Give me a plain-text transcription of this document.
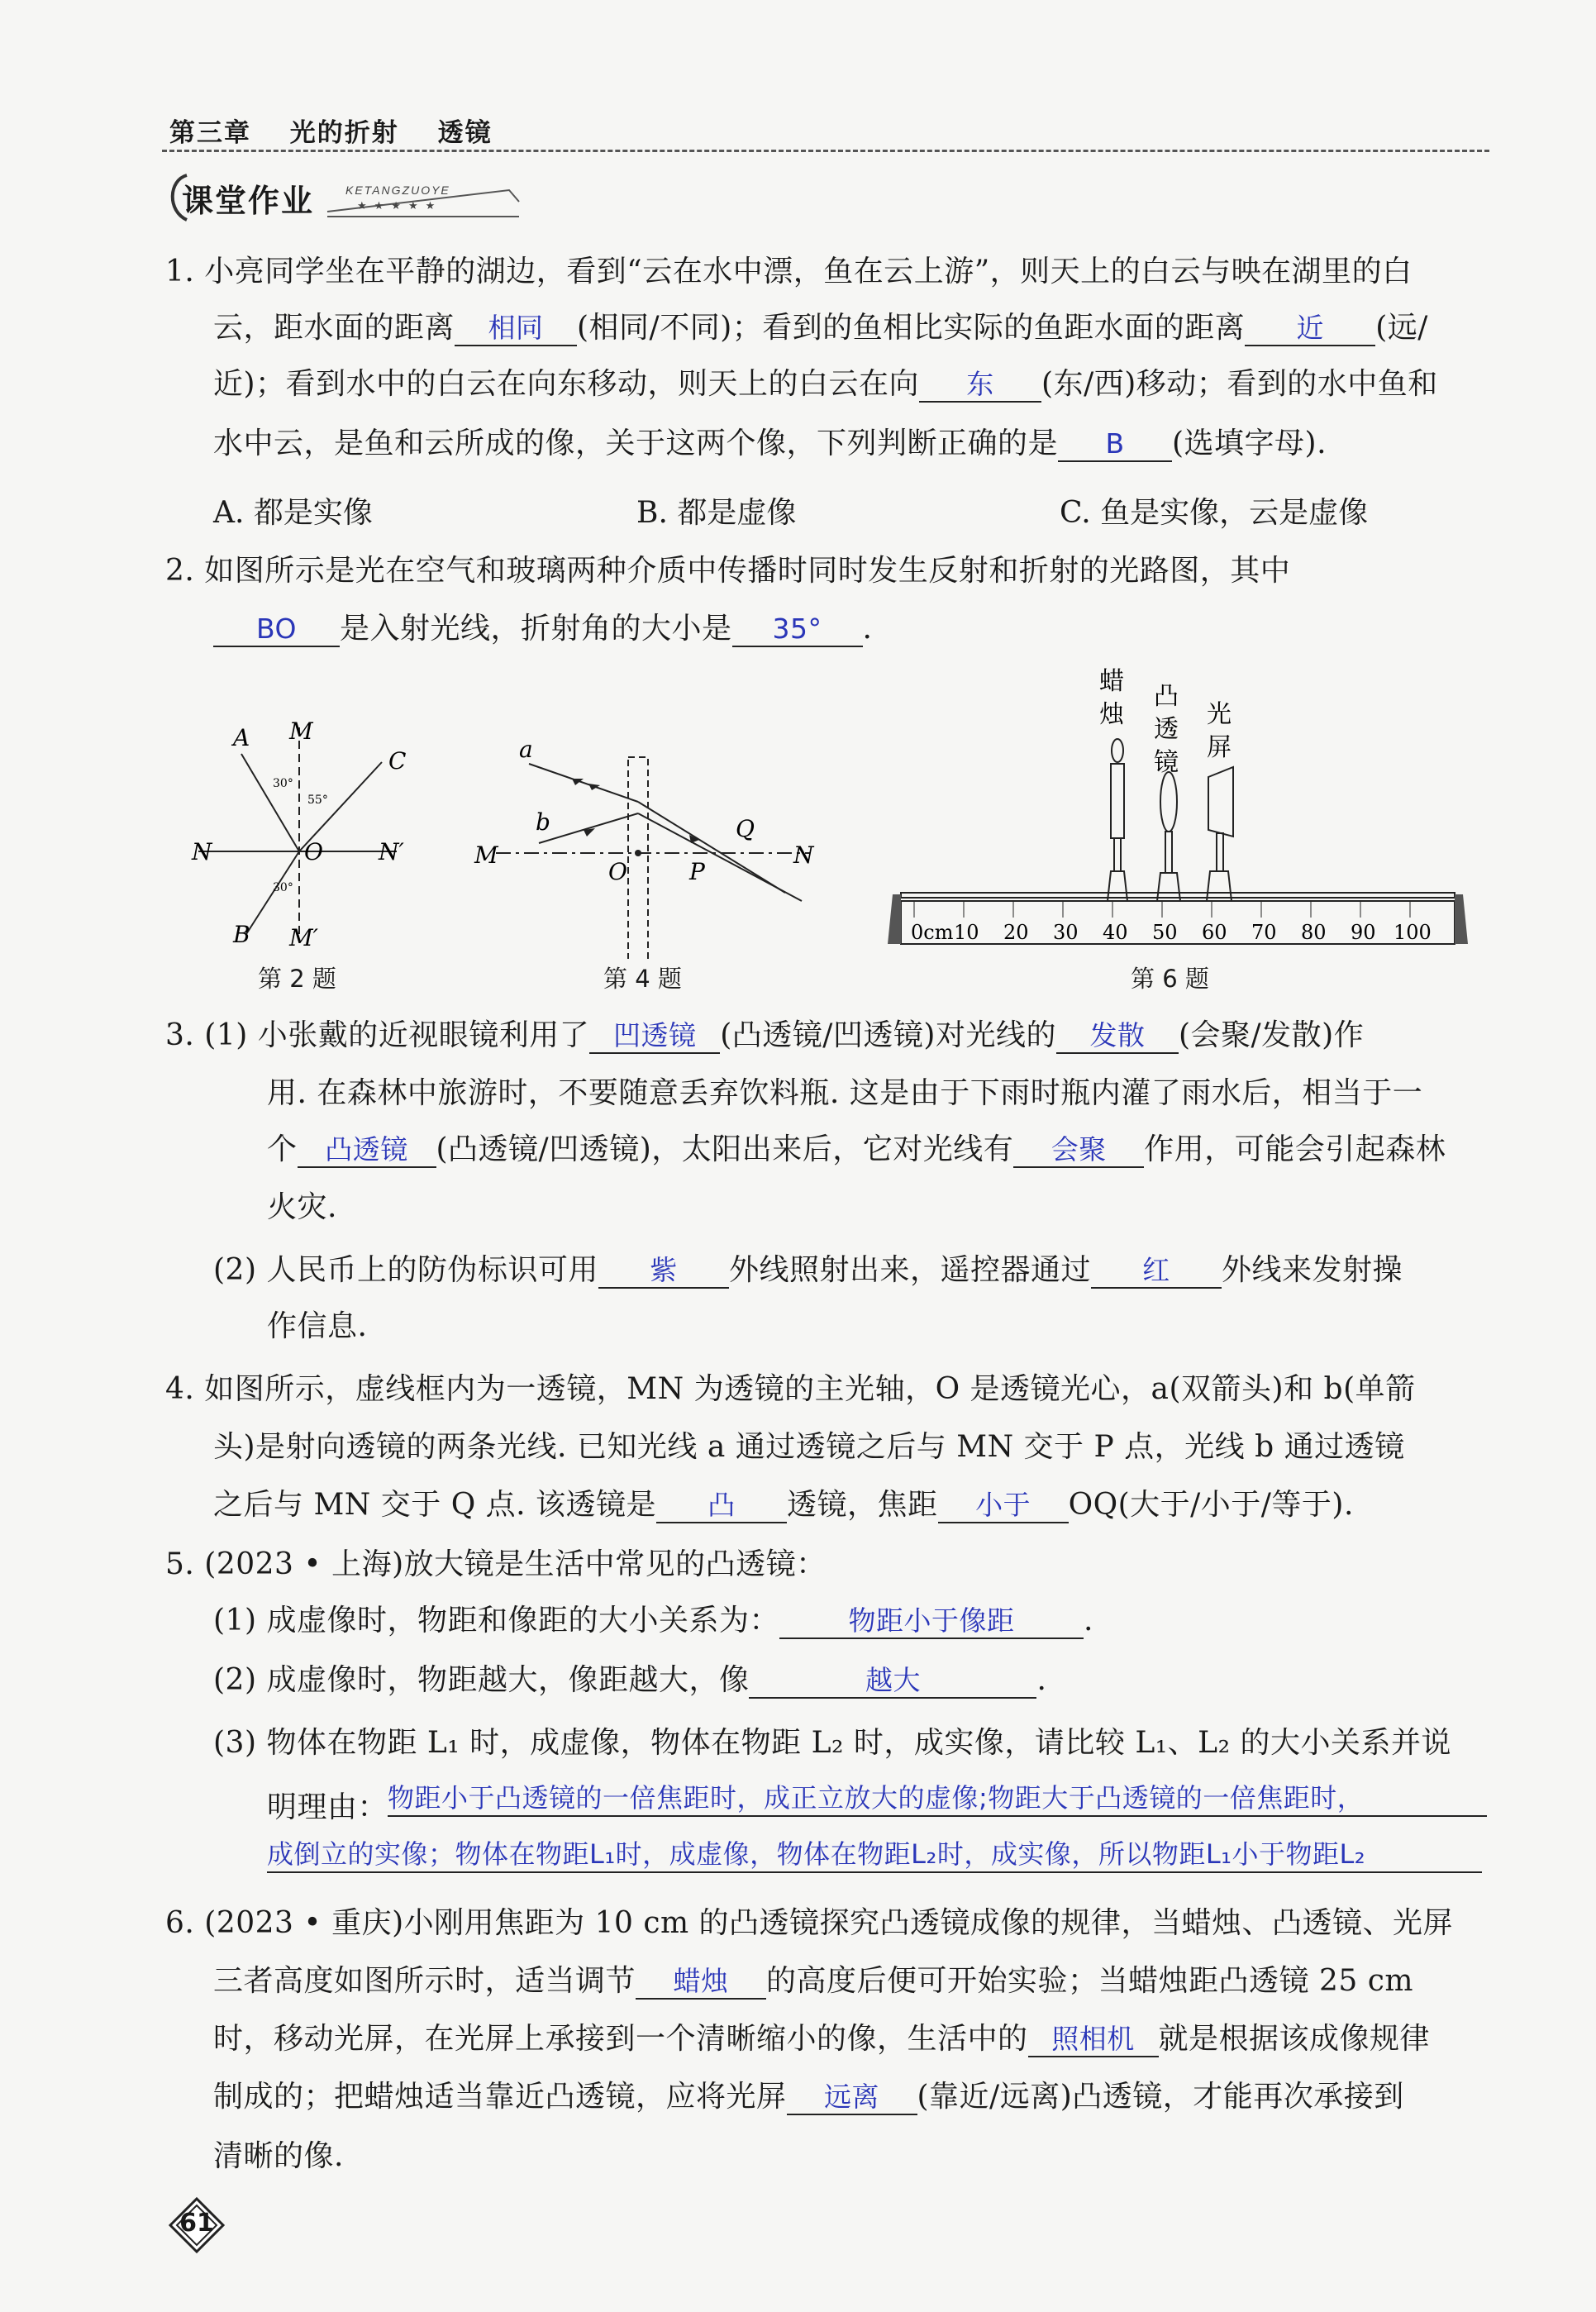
第三章 光的折射 透镜
课堂作业	KETANGZUOYE
★★★★★
1. 小亮同学坐在平静的湖边，看到“云在水中漂，鱼在云上游”，则天上的白云与映在湖里的白
云，距水面的距离 相同 (相同/不同)；看到的鱼相比实际的鱼距水面的距离 近 (远/
近)；看到水中的白云在向东移动，则天上的白云在向 东 (东/西)移动；看到的水中鱼和
水中云，是鱼和云所成的像，关于这两个像，下列判断正确的是 B (选填字母).
A. 都是实像	B. 都是虚像	C. 鱼是实像，云是虚像
2. 如图所示是光在空气和玻璃两种介质中传播时同时发生反射和折射的光路图，其中
BO 是入射光线，折射角的大小是 35° .
A M
C
N	O N′
B M′
30°
55°
30°
第 2 题
a
b
M
O	P
Q
N
第 4 题
蜡
烛
凸
透
镜
光
屏
0cm 10 20 30 40 50 60 70 80 90 100
第 6 题
3. (1) 小张戴的近视眼镜利用了 凹透镜 (凸透镜/凹透镜)对光线的 发散 (会聚/发散)作
用. 在森林中旅游时，不要随意丢弃饮料瓶. 这是由于下雨时瓶内灌了雨水后，相当于一
个 凸透镜 (凸透镜/凹透镜)，太阳出来后，它对光线有 会聚 作用，可能会引起森林
火灾.
(2) 人民币上的防伪标识可用 紫 外线照射出来，遥控器通过 红 外线来发射操
作信息.
4. 如图所示，虚线框内为一透镜，MN 为透镜的主光轴，O 是透镜光心，a(双箭头)和 b(单箭
头)是射向透镜的两条光线. 已知光线 a 通过透镜之后与 MN 交于 P 点，光线 b 通过透镜
之后与 MN 交于 Q 点. 该透镜是 凸 透镜，焦距 小于 OQ(大于/小于/等于).
5. (2023 • 上海)放大镜是生活中常见的凸透镜：
(1) 成虚像时，物距和像距的大小关系为：	物距小于像距 .
(2) 成虚像时，物距越大，像距越大，像	越大	.
(3) 物体在物距 L₁ 时，成虚像，物体在物距 L₂ 时，成实像，请比较 L₁、L₂ 的大小关系并说
明理由：物距小于凸透镜的一倍焦距时，成正立放大的虚像;物距大于凸透镜的一倍焦距时，
成倒立的实像；物体在物距L₁时，成虚像，物体在物距L₂时，成实像，所以物距L₁小于物距L₂
6. (2023 • 重庆)小刚用焦距为 10 cm 的凸透镜探究凸透镜成像的规律，当蜡烛、凸透镜、光屏
三者高度如图所示时，适当调节 蜡烛 的高度后便可开始实验；当蜡烛距凸透镜 25 cm
时，移动光屏，在光屏上承接到一个清晰缩小的像，生活中的 照相机 就是根据该成像规律
制成的；把蜡烛适当靠近凸透镜，应将光屏 远离 (靠近/远离)凸透镜，才能再次承接到
清晰的像.
61
